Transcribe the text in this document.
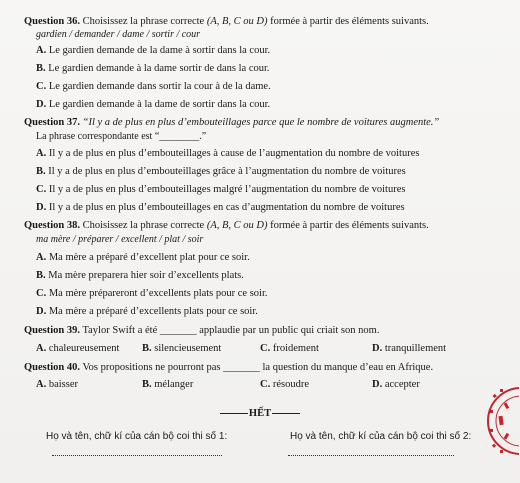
Question 36. Choisissez la phrase correcte (A, B, C ou D) formée à partir des éléments suivants.
gardien / demander / dame / sortir / cour
A. Le gardien demande de la dame à sortir dans la cour.
B. Le gardien demande à la dame sortir de dans la cour.
C. Le gardien demande dans sortir la cour à de la dame.
D. Le gardien demande à la dame de sortir dans la cour.
Question 37. “Il y a de plus en plus d’embouteillages parce que le nombre de voitures augmente.”
La phrase correspondante est “________.”
A. Il y a de plus en plus d’embouteillages à cause de l’augmentation du nombre de voitures
B. Il y a de plus en plus d’embouteillages grâce à l’augmentation du nombre de voitures
C. Il y a de plus en plus d’embouteillages malgré l’augmentation du nombre de voitures
D. Il y a de plus en plus d’embouteillages en cas d’augmentation du nombre de voitures
Question 38. Choisissez la phrase correcte (A, B, C ou D) formée à partir des éléments suivants.
ma mère / préparer / excellent / plat / soir
A. Ma mère a préparé d’excellent plat pour ce soir.
B. Ma mère preparera hier soir d’excellents plats.
C. Ma mère prépareront d’excellents plats pour ce soir.
D. Ma mère a préparé d’excellents plats pour ce soir.
Question 39. Taylor Swift a été _______ applaudie par un public qui criait son nom.
A. chaleureusement B. silencieusement	C. froidement	D. tranquillement
Question 40. Vos propositions ne pourront pas _______ la question du manque d’eau en Afrique.
A. baisser	B. mélanger	C. résoudre	D. accepter
HẾT
Họ và tên, chữ kí của cán bộ coi thi số 1:	Họ và tên, chữ kí của cán bộ coi thi số 2:
